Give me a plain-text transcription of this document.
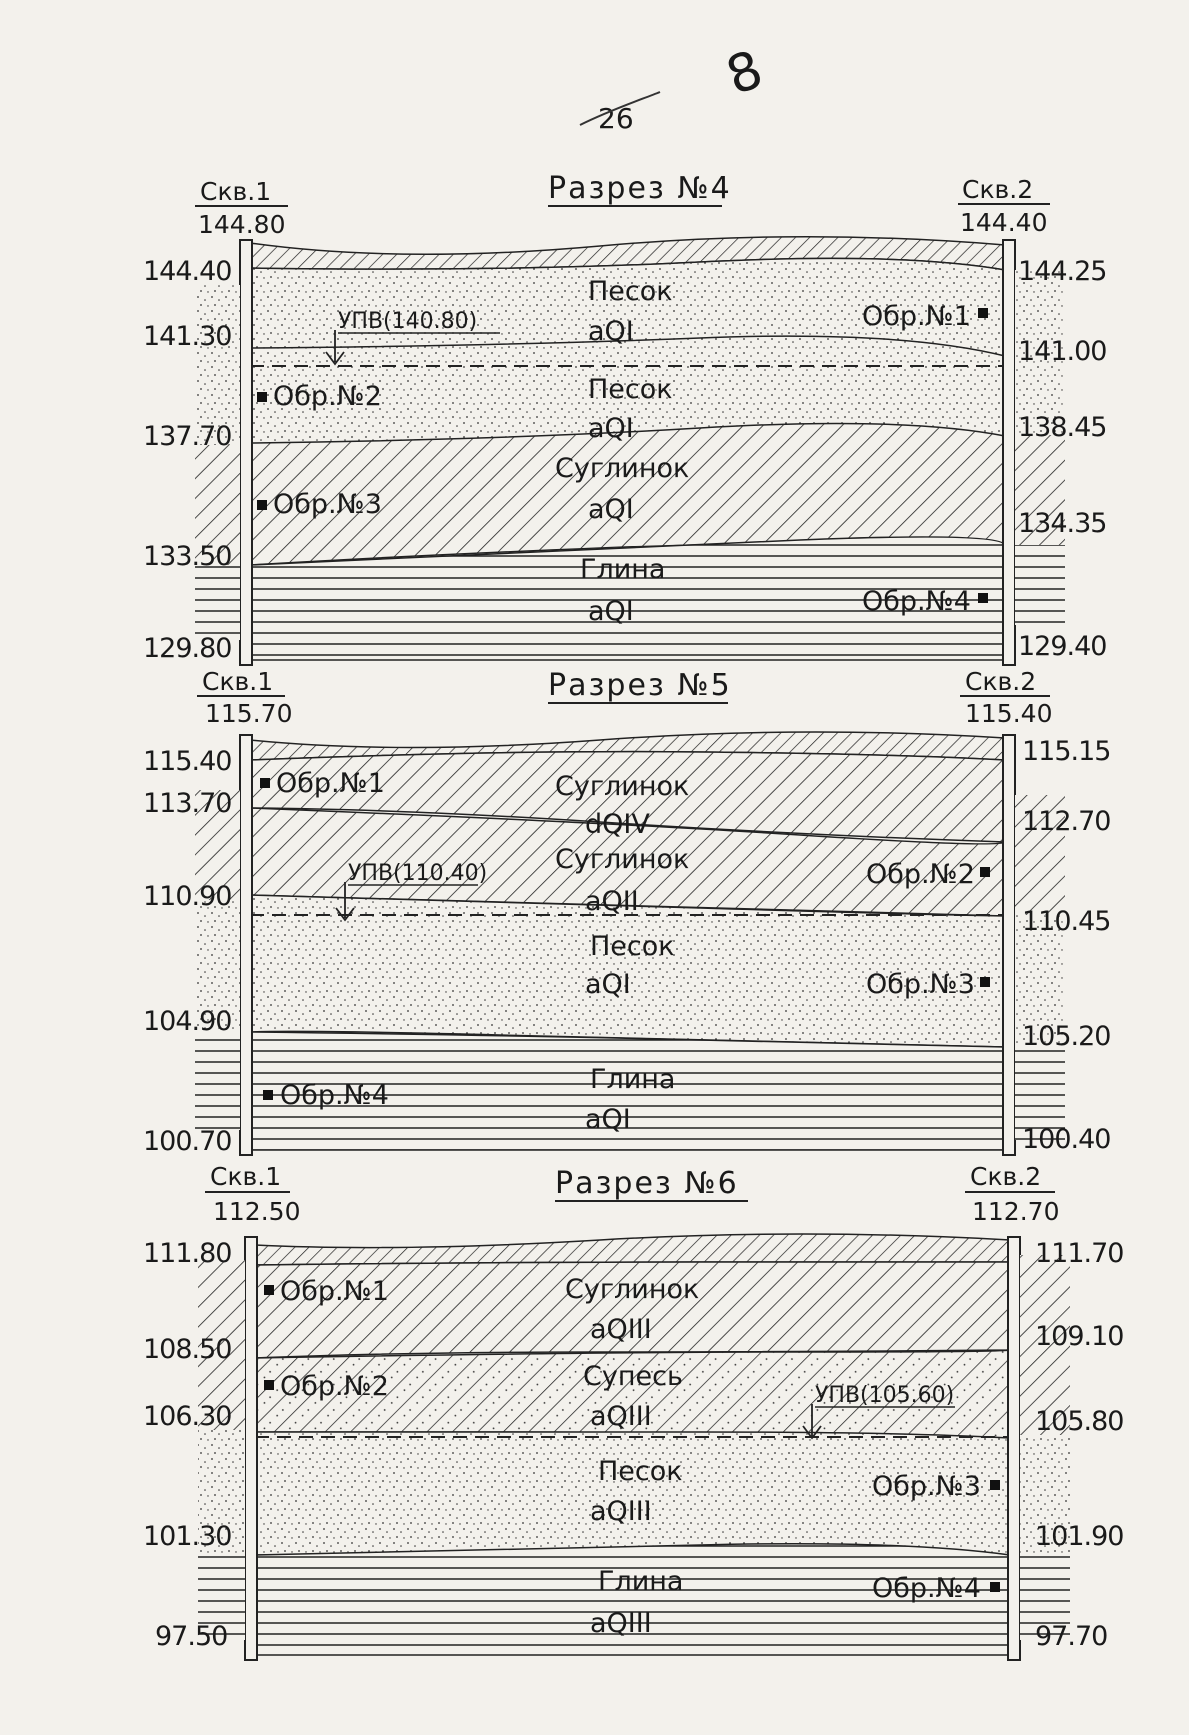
26
8
Разрез №4
Скв.1
144.80
Скв.2
144.40
144.40
141.30
137.70
133.50
129.80
144.25
141.00
138.45
134.35
129.40
УПВ(140.80)
Песок
aQI
Песок
aQI
Суглинок
aQI
Глина
aQI
Обр.№1
Обр.№2
Обр.№3
Обр.№4
Разрез №5
Скв.1
115.70
Скв.2
115.40
115.40
113.70
110.90
104.90
100.70
115.15
112.70
110.45
105.20
100.40
УПВ(110.40)
Суглинок
dQIV
Суглинок
aQII
Песок
aQI
Глина
aQI
Обр.№1
Обр.№2
Обр.№3
Обр.№4
Разрез №6
Скв.1
112.50
Скв.2
112.70
111.80
108.50
106.30
101.30
97.50
111.70
109.10
105.80
101.90
97.70
УПВ(105.60)
Суглинок
aQIII
Супесь
aQIII
Песок
aQIII
Глина
aQIII
Обр.№1
Обр.№2
Обр.№3
Обр.№4
